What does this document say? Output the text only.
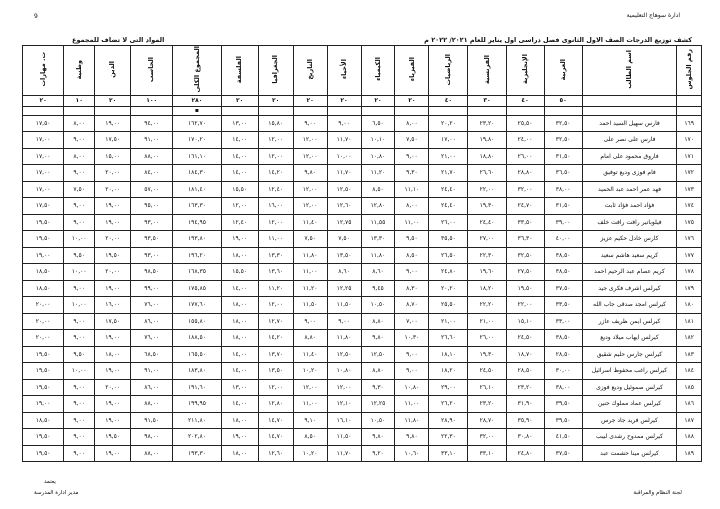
9	ادارة سوهاج التعليمية
كشف توزيع الدرجات الصف الاول الثانوى فصل دراسى اول يناير للعام ٢٠٢١/ ٢٠٢٢ م
المواد التى لا تضاف للمجموع
رقم الجلوس	اسم الطالب	العربية	الإنجليزية	الفرنسية	الرياضيات	الفيزياء	الكيمياء	الأحياء	التاريخ	الجغرافيا	الفلسفة	المجموع الكلى	الحاسب	الدين	وطنية	ت. مهارات
		٥٠	٤٠	٣٠	٤٠	٢٠	٢٠	٢٠	٢٠	٢٠	٢٠	٢٨٠	١٠٠	٢٠	١٠	٢٠
												▪				
١٦٩	فارس سهيل السيد احمد	٣٢,٥٠	٢٥,٥٠	٢٣,٢٠	٢٠,٢٠	٨,٠٠	٦,٥٠	٩,٠٠	٩,٠٠	١٥,٨٠	١٣,٠٠	١٦٢,٧٠	٩٤,٠٠	١٩,٠٠	٨,٠٠	١٧,٥٠
١٧٠	فارس على نصر على	٣٢,٥٠	٢٤,٠٠	١٩,٨٠	١٧,٠٠	٧,٥٠	١٠,١٠	١١,٧٠	١٢,٠٠	١٢,٠٠	١٤,٠٠	١٧٠,٢٠	٩١,٠٠	١٧,٥٠	٩,٠٠	١٧,٠٠
١٧١	فاروق محمود على امام	٣١,٥٠	٢٦,٠٠	١٨,٨٠	٢١,٠٠	٩,٠٠	١٠,٨٠	١٠,٠٠	١٢,٠٠	١٢,٠٠	١٤,٠٠	١٦١,١٠	٨٨,٠٠	١٥,٠٠	٨,٠٠	١٧,٠٠
١٧٢	فام فوزى وديع توفيق	٣٦,٥٠	٢٨,٨٠	٢٦,٦٠	٢١,٧٠	٩,٣٠	١١,٢٠	١١,٧٠	٩,٨٠	١٤,٢٠	١٤,٠٠	١٨٤,٣٠	٨٤,٠٠	٢٠,٠٠	٩,٠٠	١٧,٠٠
١٧٣	فهد عمر احمد عبد الحميد	٣٨,٠٠	٣٢,٠٠	٢٢,٠٠	٢٤,٤٠	١١,١٠	٨,٥٠	١٢,٥٠	١٢,٠٠	١٢,٤٠	١٥,٥٠	١٨١,٤٠	٥٧,٠٠	٢٠,٠٠	٧,٥٠	١٧,٠٠
١٧٤	فؤاد احمد فؤاد ثابت	٣١,٥٠	٢٤,٧٠	١٩,٣٠	٢٤,٤٠	٨,٠٠	١٢,٨٠	١٢,٦٠	١٢,٠٠	١٦,٠٠	١٢,٠٠	١٦٣,٣٠	٩٥,٠٠	١٩,٠٠	٩,٠٠	١٧,٥٠
١٧٥	فيلوباتير رافت رافت خلف	٣٩,٠٠	٣٣,٥٠	٢٤,٤٠	٢٦,٠٠	١١,٠٠	١١,٥٥	١٢,٧٥	١١,٤٠	١٢,٠٠	١٢,٤٠	١٩٤,٩٥	٩٣,٠٠	١٩,٠٠	٩,٠٠	١٩,٥٠
١٧٦	كارس خادل حكيم عزيز	٤٠,٠٠	٣٦,٣٠	٢٧,٠٠	٣٥,٥٠	٩,٥٠	١٣,٣٠	٧,٥٠	٧,٥٠	١١,٠٠	١٩,٠٠	١٩٣,٨٠	٩٣,٥٠	٢٠,٠٠	١٠,٠٠	١٩,٥٠
١٧٧	كريم سعيد هاشم سعيد	٣٨,٥٠	٣٢,٥٠	٢٢,٣٠	٢٦,٥٠	٨,٥٠	١١,٨٠	١٣,٥٠	١١,٨٠	١٣,٣٠	١٨,٠٠	١٩٦,٢٠	٩٣,٠٠	١٩,٥٠	٩,٥٠	١٩,٠٠
١٧٨	كريم عصام عبد الرحيم احمد	٣٨,٥٠	٢٧,٥٠	١٩,٦٠	٢٤,٨٠	٩,٠٠	٨,٦٠	٨,٦٠	١١,٠٠	١٣,٦٠	١٥,٥٠	١٦٨,٣٥	٩٨,٥٠	٢٠,٠٠	١٠,٠٠	١٨,٥٠
١٧٩	كيرلس اشرف فكرى جيد	٣٧,٥٠	١٩,٥٠	١٨,٢٠	٢٠,٢٠	٨,٣٠	٩,٤٥	١٢,٢٥	١١,٢٠	١١,٢٠	١٤,٠٠	١٧٥,٨٥	٩٩,٠٠	١٩,٠٠	٩,٠٠	١٨,٥٠
١٨٠	كيرلس امجد صدقى جاب الله	٣٣,٥٠	٢٢,٠٠	٢٢,٢٠	٢٥,٥٠	٨,٧٠	١٠,٥٠	١١,٥٠	١١,٥٠	١٢,٠٠	١٨,٠٠	١٧٧,٦٠	٧٦,٠٠	١٦,٠٠	١٠,٠٠	٢٠,٠٠
١٨١	كيرلس ايمن ظريف عازر	٣٣,٠٠	١٥,١٠	٢١,٠٠	٢١,٠٠	٧,٠٠	٨,٨٠	٩,٠٠	٩,٠٠	١٢,٧٠	١٨,٠٠	١٥٥,٨٠	٨٦,٠٠	١٧,٥٠	٩,٠٠	٢٠,٠٠
١٨٢	كيرلس ايهاب ميلاد وديع	٣٨,٥٠	٢٤,٥٠	٢٦,٠٠	٢٦,٦٠	١٠,٣٠	٩,٨٠	١١,٨٠	٨,٨٠	١٤,٢٠	١٨,٠٠	١٨٨,٥٠	٧٦,٠٠	١٩,٠٠	٩,٠٠	٢٠,٠٠
١٨٣	كيرلس جارس حليم شقيق	٢٨,٥٠	١٨,٧٠	١٩,٣٠	١٨,١٠	٩,٠٠	١٢,٥٠	١٢,٥٠	١١,٤٠	١٣,٧٠	١٤,٠٠	١٦٥,٥٠	٦٨,٥٠	١٨,٠٠	٩,٥٠	١٩,٥٠
١٨٤	كيرلس راغب محفوظ اسرائيل	٣٠,٠٠	٢٨,٥٠	٢٤,٥٠	١٨,٢٠	٩,٠٠	٨,٨٠	١٠,٨٠	١٠,٢٠	١٣,٥٠	١٤,٠٠	١٨٣,٨٠	٩١,٠٠	١٩,٠٠	١٠,٠٠	١٩,٥٠
١٨٥	كيرلس صموئيل وديع فوزى	٣٨,٠٠	٢٣,٢٠	٢٦,١٠	٢٩,٠٠	١٠,٨٠	٩,٣٠	١٢,٠٠	١٢,٠٠	١٢,٠٠	١٣,٠٠	١٩١,٦٠	٨٦,٠٠	٢٠,٠٠	٩,٠٠	١٩,٥٠
١٨٦	كيرلس عماد مملوك حنين	٣٩,٥٠	٣١,٩٠	٢٣,٢٠	٢٦,٢٠	١١,٠٠	١٢,٢٥	١٢,١٠	١١,٠٠	١٢,٨٠	١٤,٠٠	١٩٩,٩٥	٨٨,٠٠	١٩,٠٠	٩,٠٠	١٩,٠٠
١٨٧	كيرلس فريد جاد جرس	٣٩,٥٠	٣٥,٩٠	٢٨,٧٠	٢٨,٩٠	١١,٨٠	١٠,٥٠	١٦,١٠	٩,١٠	١٤,٧٠	١٨,٠٠	٢١١,٨٠	٩١,٥٠	١٩,٠٠	٩,٠٠	١٨,٥٠
١٨٨	كيرلس ممدوح رشدى لبيب	٤١,٥٠	٣٠,٨٠	٣٢,٠٠	٢٢,٣٠	٩,٨٠	٩,٨٠	١١,٥٠	٨,٥٠	١٤,٧٠	١٩,٠٠	٢٠٢,٨٠	٩٨,٠٠	١٩,٥٠	٩,٠٠	١٩,٥٠
١٨٩	كيرلس مينا حشمت عبد	٣٧,٥٠	٢٤,٨٠	٣٣,١٠	٣٣,١٠	١٠,٦٠	٩,٢٠	١١,٧٠	١٠,٢٠	١٢,٦٠	١٨,٠٠	١٩٣,٣٠	٨٨,٠٠	١٩,٠٠	٩,٠٠	١٩,٥٠
يعتمد
مدير ادارة المدرسة	لجنة النظام والمراقبة
